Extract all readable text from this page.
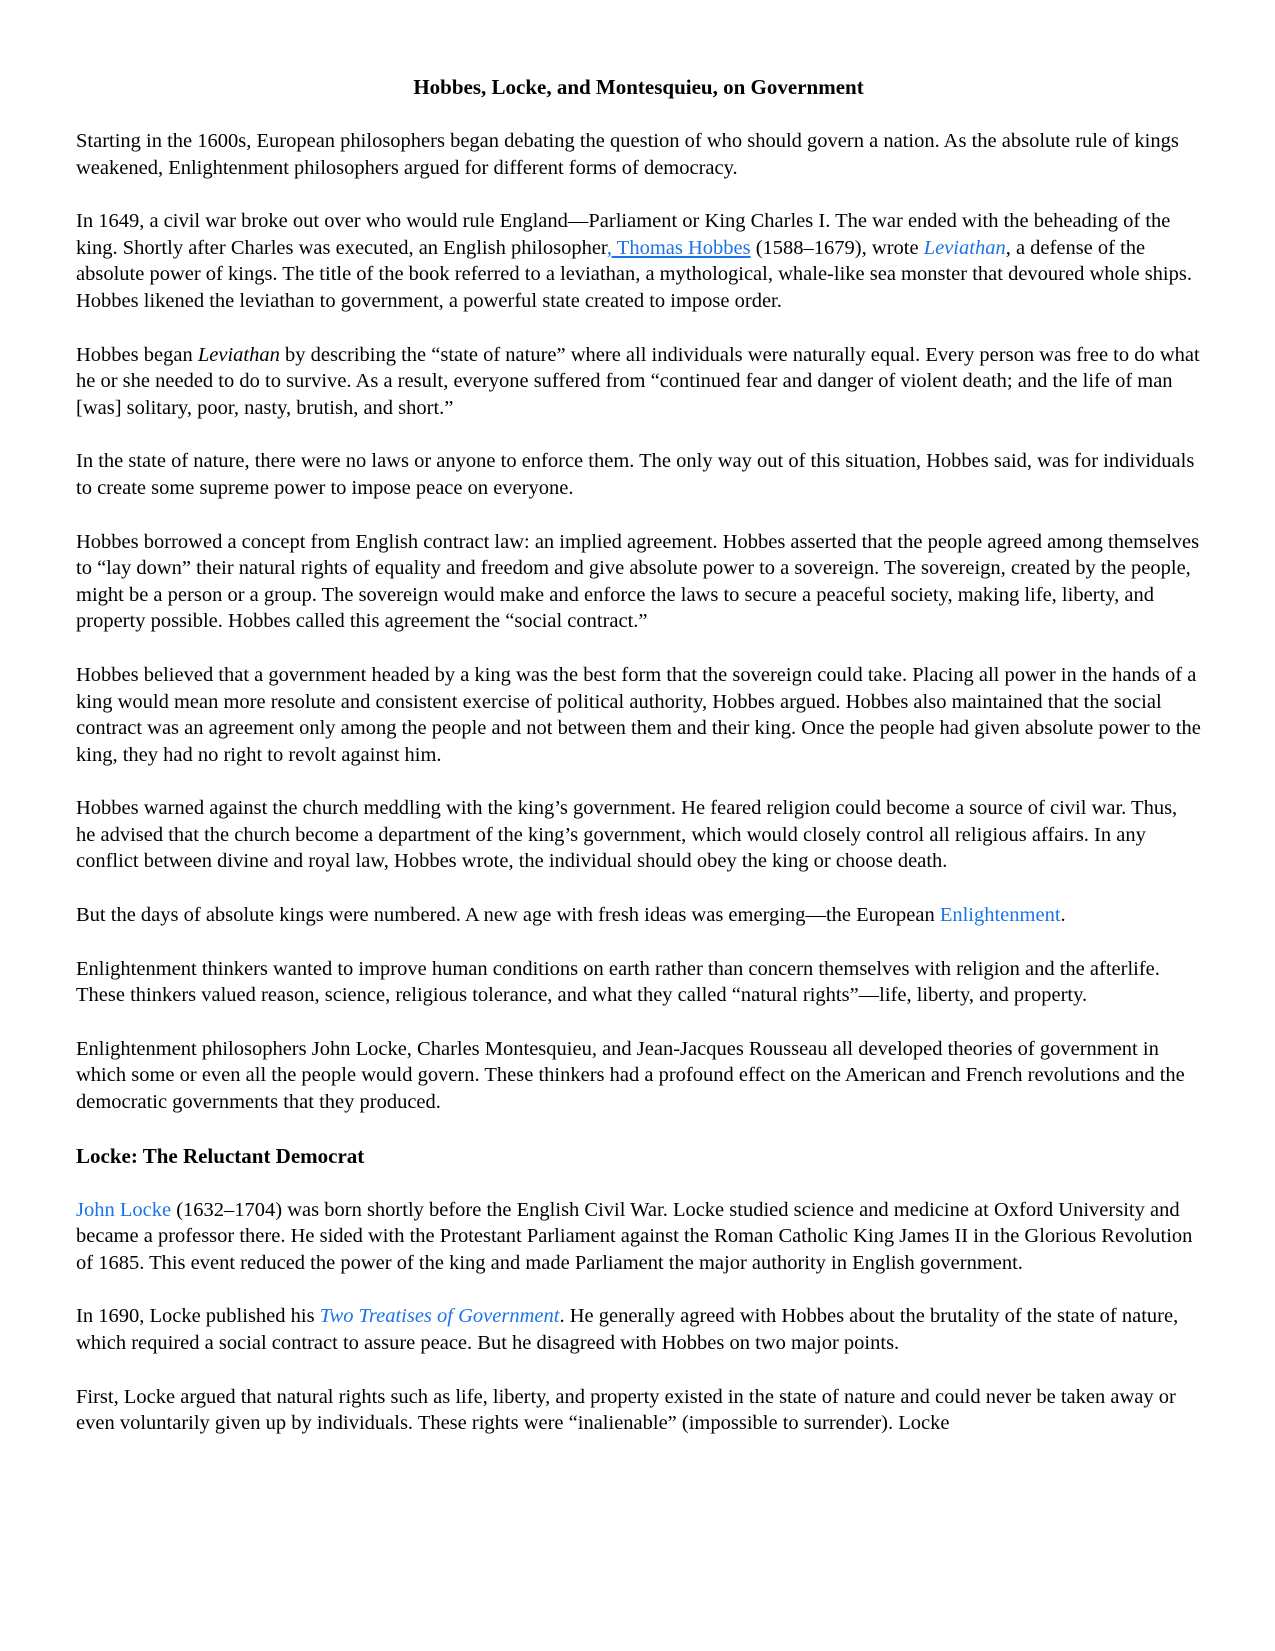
Hobbes, Locke, and Montesquieu, on Government

Starting in the 1600s, European philosophers began debating the question of who should govern a nation. As the absolute rule of kings weakened, Enlightenment philosophers argued for different forms of democracy.

In 1649, a civil war broke out over who would rule England—Parliament or King Charles I. The war ended with the beheading of the king. Shortly after Charles was executed, an English philosopher, Thomas Hobbes (1588–1679), wrote Leviathan, a defense of the absolute power of kings. The title of the book referred to a leviathan, a mythological, whale-like sea monster that devoured whole ships. Hobbes likened the leviathan to government, a powerful state created to impose order.

Hobbes began Leviathan by describing the “state of nature” where all individuals were naturally equal. Every person was free to do what he or she needed to do to survive. As a result, everyone suffered from “continued fear and danger of violent death; and the life of man [was] solitary, poor, nasty, brutish, and short.”

In the state of nature, there were no laws or anyone to enforce them. The only way out of this situation, Hobbes said, was for individuals to create some supreme power to impose peace on everyone.

Hobbes borrowed a concept from English contract law: an implied agreement. Hobbes asserted that the people agreed among themselves to “lay down” their natural rights of equality and freedom and give absolute power to a sovereign. The sovereign, created by the people, might be a person or a group. The sovereign would make and enforce the laws to secure a peaceful society, making life, liberty, and property possible. Hobbes called this agreement the “social contract.”

Hobbes believed that a government headed by a king was the best form that the sovereign could take. Placing all power in the hands of a king would mean more resolute and consistent exercise of political authority, Hobbes argued. Hobbes also maintained that the social contract was an agreement only among the people and not between them and their king. Once the people had given absolute power to the king, they had no right to revolt against him.

Hobbes warned against the church meddling with the king’s government. He feared religion could become a source of civil war. Thus, he advised that the church become a department of the king’s government, which would closely control all religious affairs. In any conflict between divine and royal law, Hobbes wrote, the individual should obey the king or choose death.

But the days of absolute kings were numbered. A new age with fresh ideas was emerging—the European Enlightenment.

Enlightenment thinkers wanted to improve human conditions on earth rather than concern themselves with religion and the afterlife. These thinkers valued reason, science, religious tolerance, and what they called “natural rights”—life, liberty, and property.

Enlightenment philosophers John Locke, Charles Montesquieu, and Jean-Jacques Rousseau all developed theories of government in which some or even all the people would govern. These thinkers had a profound effect on the American and French revolutions and the democratic governments that they produced.

Locke: The Reluctant Democrat

John Locke (1632–1704) was born shortly before the English Civil War. Locke studied science and medicine at Oxford University and became a professor there. He sided with the Protestant Parliament against the Roman Catholic King James II in the Glorious Revolution of 1685. This event reduced the power of the king and made Parliament the major authority in English government.

In 1690, Locke published his Two Treatises of Government. He generally agreed with Hobbes about the brutality of the state of nature, which required a social contract to assure peace. But he disagreed with Hobbes on two major points.

First, Locke argued that natural rights such as life, liberty, and property existed in the state of nature and could never be taken away or even voluntarily given up by individuals. These rights were “inalienable” (impossible to surrender). Locke
